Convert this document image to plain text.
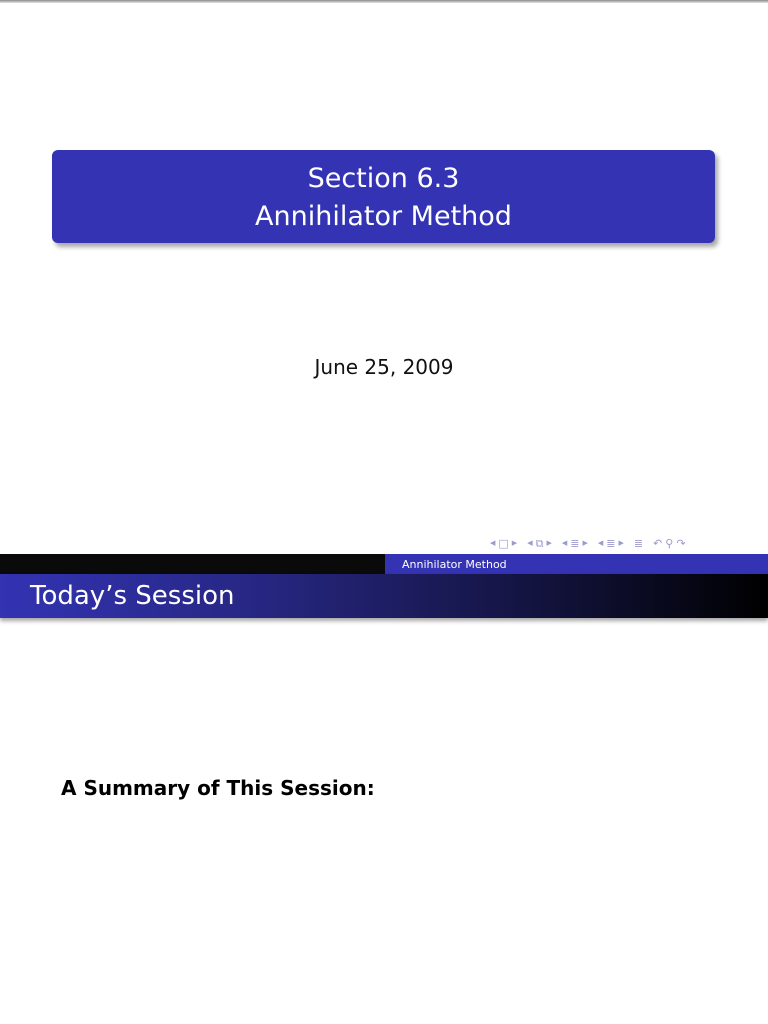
Section 6.3
Annihilator Method
June 25, 2009
◀ □ ▶ ◀ ⧉ ▶ ◀ ≣ ▶ ◀ ≣ ▶ ≣ ↶ ⚲ ↷
Annihilator Method
Today’s Session
A Summary of This Session:
